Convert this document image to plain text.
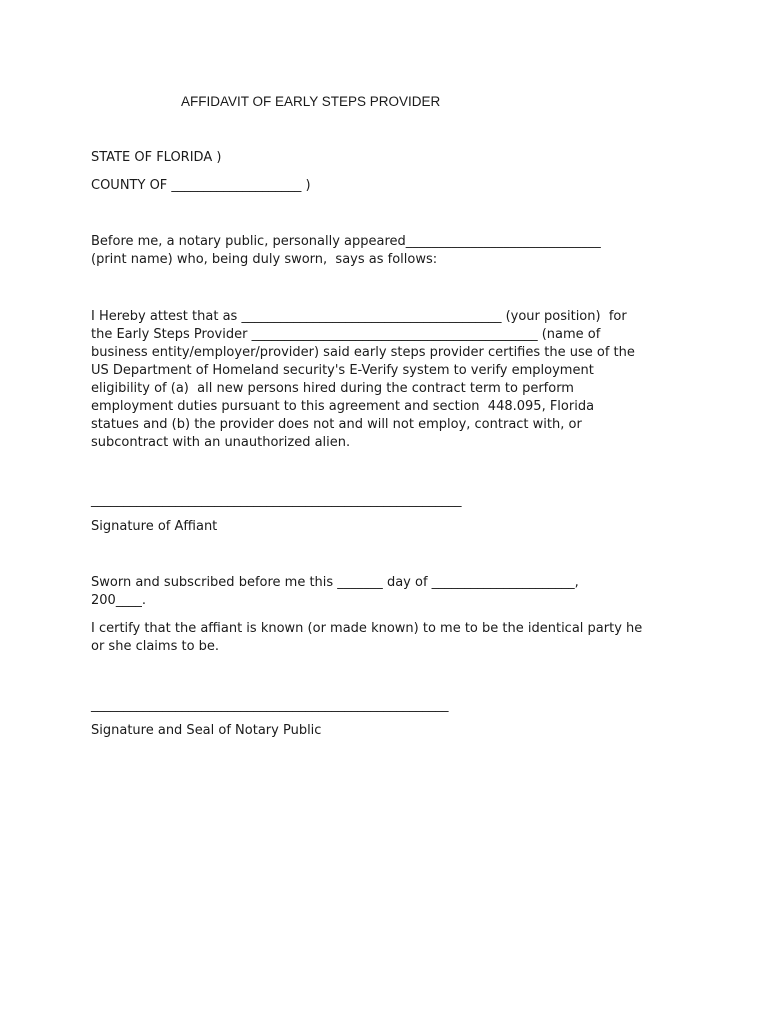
AFFIDAVIT OF EARLY STEPS PROVIDER
STATE OF FLORIDA )
COUNTY OF ____________________ )
Before me, a notary public, personally appeared______________________________
(print name) who, being duly sworn,  says as follows:
I Hereby attest that as ________________________________________ (your position)  for
the Early Steps Provider ____________________________________________ (name of
business entity/employer/provider) said early steps provider certifies the use of the
US Department of Homeland security's E-Verify system to verify employment
eligibility of (a)  all new persons hired during the contract term to perform
employment duties pursuant to this agreement and section  448.095, Florida
statues and (b) the provider does not and will not employ, contract with, or
subcontract with an unauthorized alien.
_________________________________________________________
Signature of Affiant
Sworn and subscribed before me this _______ day of ______________________,
200____.
I certify that the affiant is known (or made known) to me to be the identical party he
or she claims to be.
_______________________________________________________
Signature and Seal of Notary Public
